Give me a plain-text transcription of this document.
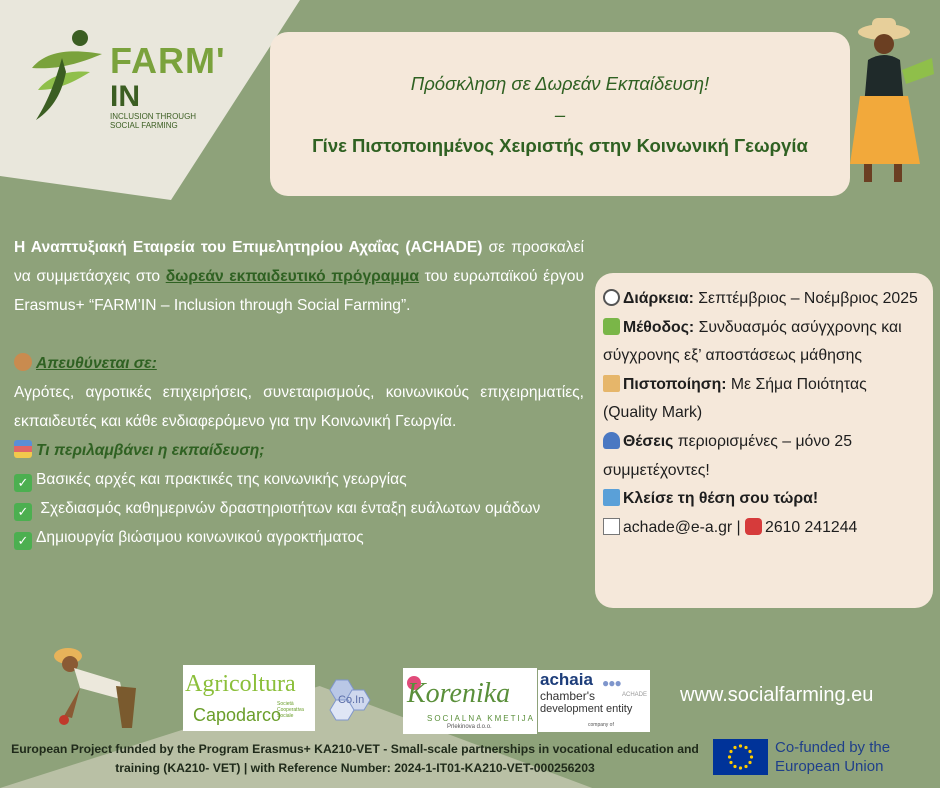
FARM'
IN
INCLUSION THROUGH
SOCIAL FARMING
Πρόσκληση σε Δωρεάν Εκπαίδευση!
–
Γίνε Πιστοποιημένος Χειριστής στην Κοινωνική Γεωργία
Η Αναπτυξιακή Εταιρεία του Επιμελητηρίου Αχαΐας (ACHADE) σε προσκαλεί να συμμετάσχεις στο δωρεάν εκπαιδευτικό πρόγραμμα του ευρωπαϊκού έργου Erasmus+ “FARM’IN – Inclusion through Social Farming”.
Απευθύνεται σε:
Αγρότες, αγροτικές επιχειρήσεις, συνεταιρισμούς, κοινωνικούς επιχειρηματίες, εκπαιδευτές και κάθε ενδιαφερόμενο για την Κοινωνική Γεωργία.
Τι περιλαμβάνει η εκπαίδευση;
✓ Βασικές αρχές και πρακτικές της κοινωνικής γεωργίας
✓ Σχεδιασμός καθημερινών δραστηριοτήτων και ένταξη ευάλωτων ομάδων
✓ Δημιουργία βιώσιμου κοινωνικού αγροκτήματος
Διάρκεια: Σεπτέμβριος – Νοέμβριος 2025
Μέθοδος: Συνδυασμός ασύγχρονης και σύγχρονης εξ’ αποστάσεως μάθησης
Πιστοποίηση: Με Σήμα Ποιότητας (Quality Mark)
Θέσεις περιορισμένες – μόνο 25 συμμετέχοντες!
Κλείσε τη θέση σου τώρα!
achade@e-a.gr | 2610 241244
Agricoltura
Capodarco
Società Cooperativa Sociale
Co.In Korenika
SOCIALNA KMETIJA
Prlekinova d.o.o.
achaia ●●●
chamber's	ACHADE
development entity
company of
www.socialfarming.eu
European Project funded by the Program Erasmus+ KA210-VET - Small-scale partnerships in vocational education and training (KA210- VET) | with Reference Number: 2024-1-IT01-KA210-VET-000256203
Co-funded by the
European Union
